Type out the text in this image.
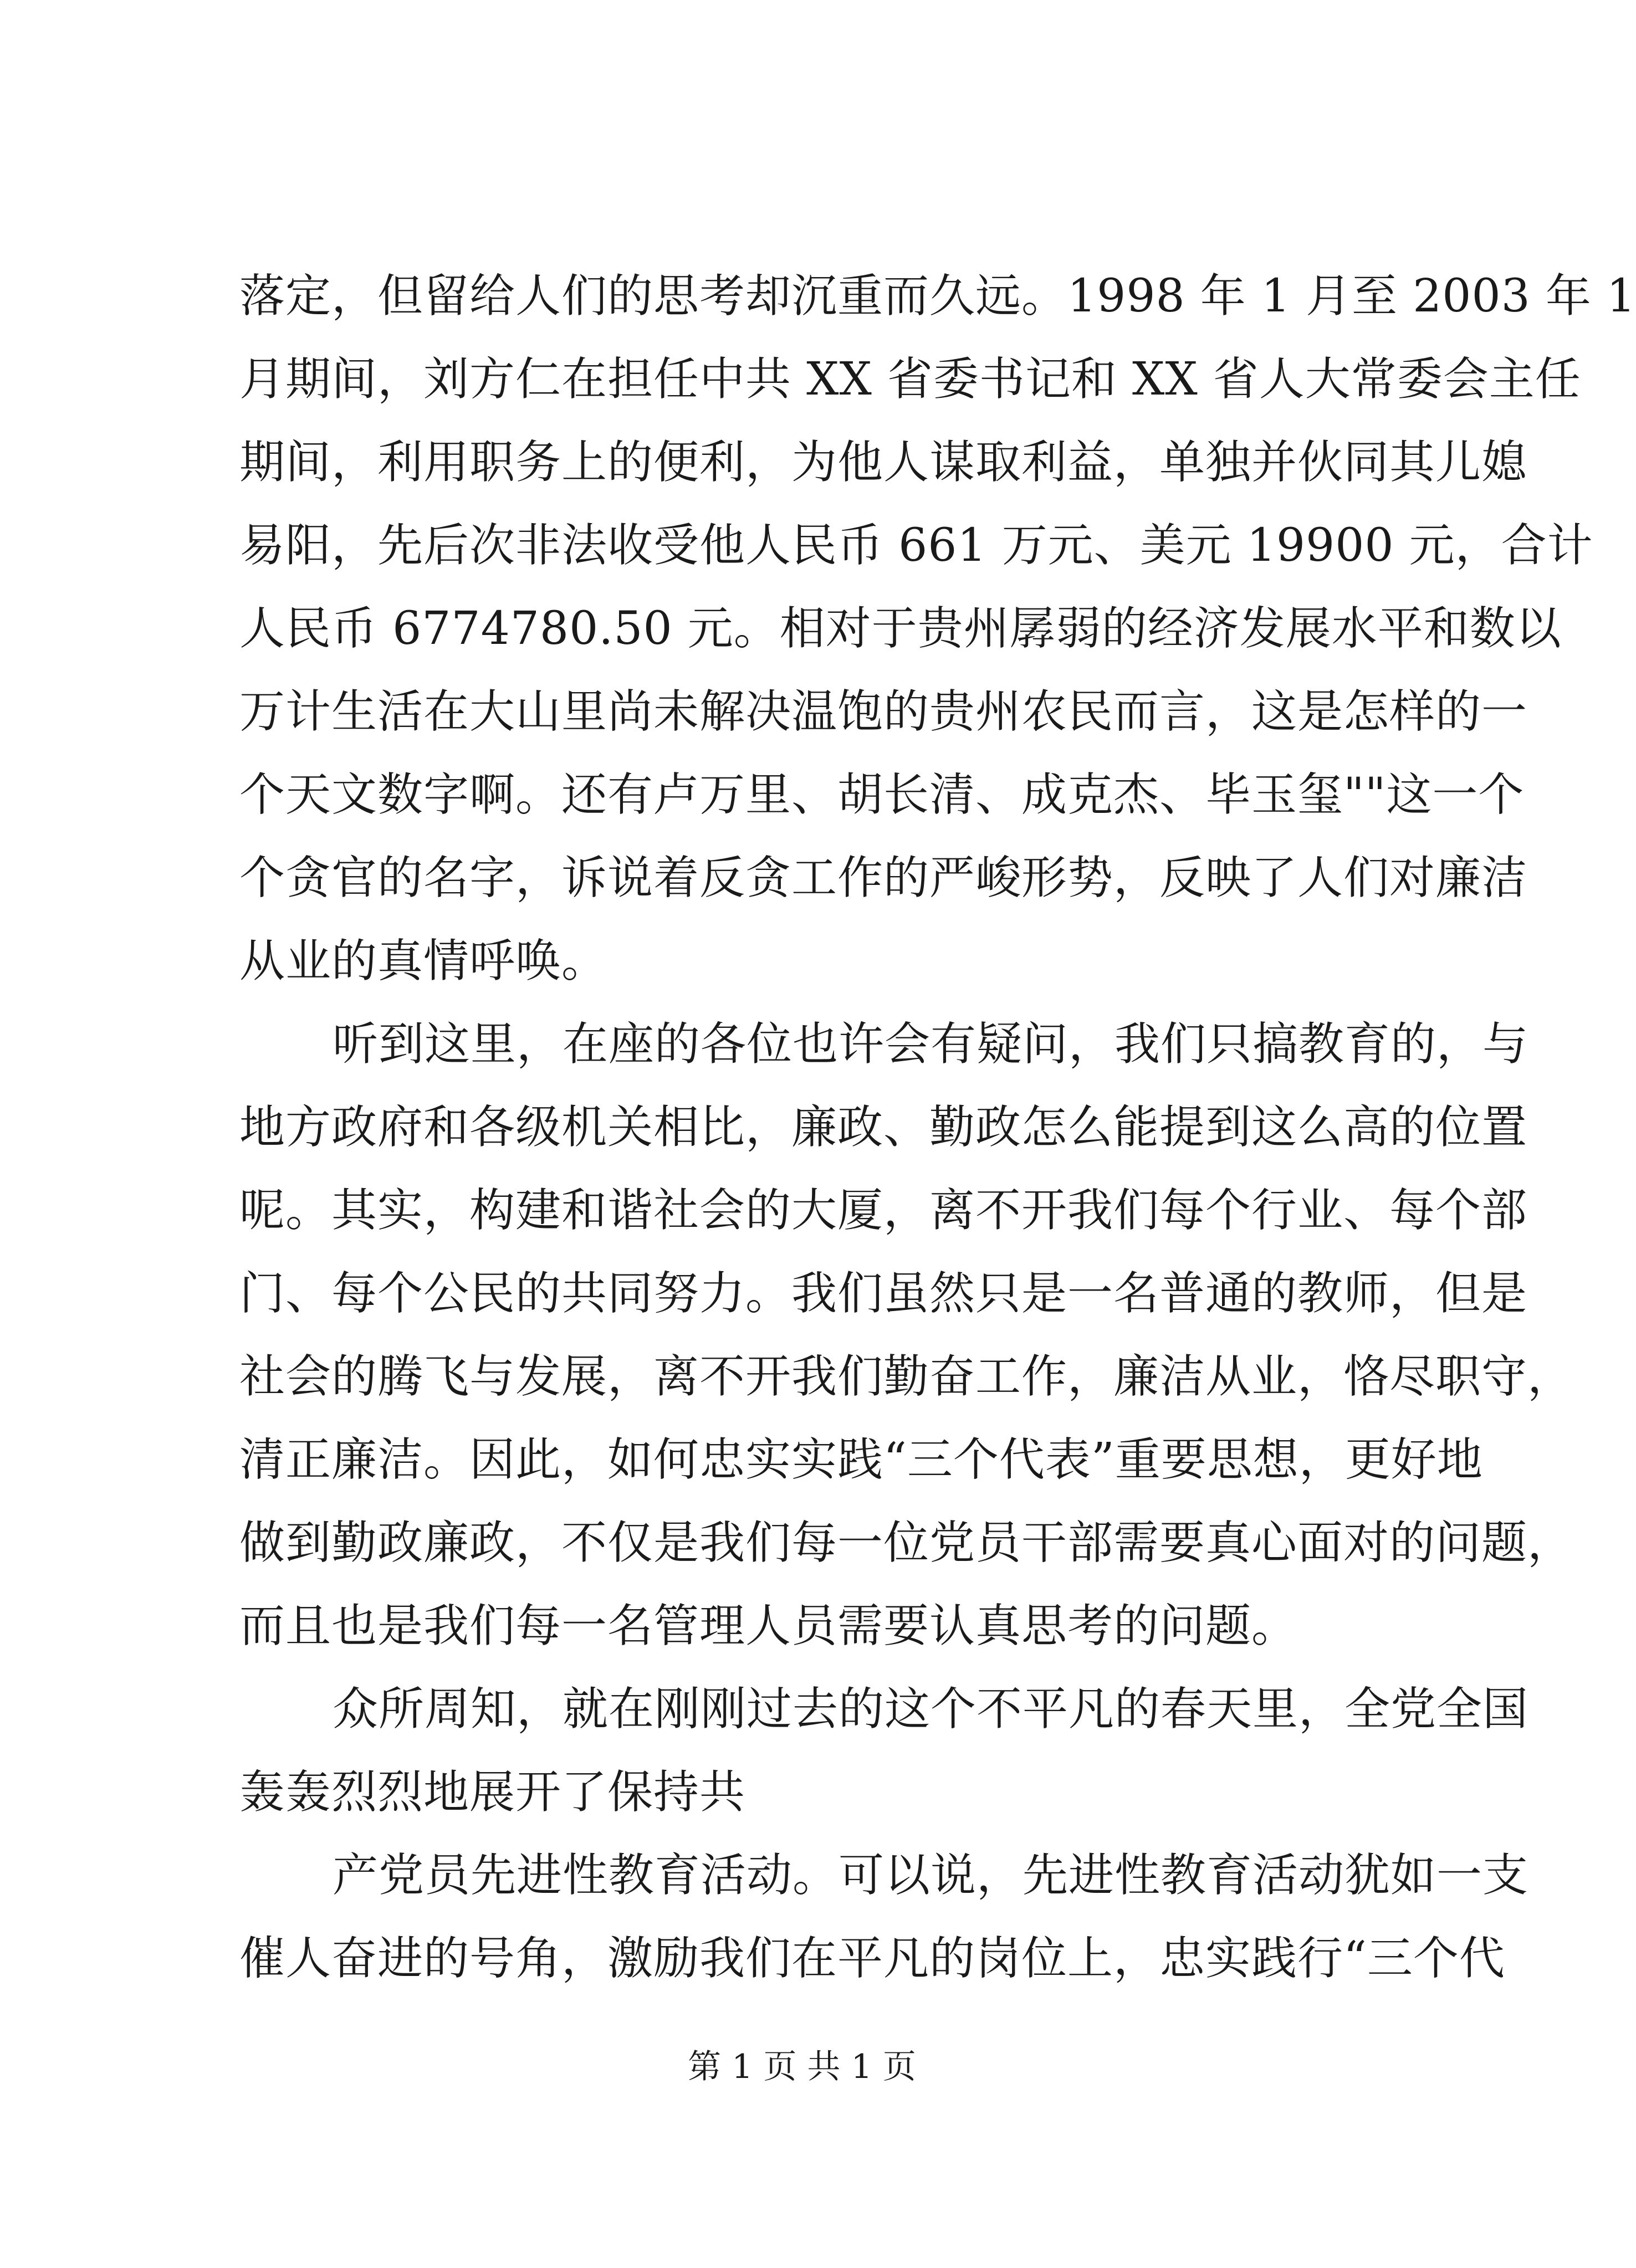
落定，但留给人们的思考却沉重而久远。1998 年 1 月至 2003 年 1
月期间，刘方仁在担任中共 XX 省委书记和 XX 省人大常委会主任
期间，利用职务上的便利，为他人谋取利益，单独并伙同其儿媳
易阳，先后次非法收受他人民币 661 万元、美元 19900 元，合计
人民币 6774780.50 元。相对于贵州孱弱的经济发展水平和数以
万计生活在大山里尚未解决温饱的贵州农民而言，这是怎样的一
个天文数字啊。还有卢万里、胡长清、成克杰、毕玉玺""这一个
个贪官的名字，诉说着反贪工作的严峻形势，反映了人们对廉洁
从业的真情呼唤。
听到这里，在座的各位也许会有疑问，我们只搞教育的，与
地方政府和各级机关相比，廉政、勤政怎么能提到这么高的位置
呢。其实，构建和谐社会的大厦，离不开我们每个行业、每个部
门、每个公民的共同努力。我们虽然只是一名普通的教师，但是
社会的腾飞与发展，离不开我们勤奋工作，廉洁从业，恪尽职守，
清正廉洁。因此，如何忠实实践“三个代表”重要思想，更好地
做到勤政廉政，不仅是我们每一位党员干部需要真心面对的问题，
而且也是我们每一名管理人员需要认真思考的问题。
众所周知，就在刚刚过去的这个不平凡的春天里，全党全国
轰轰烈烈地展开了保持共
产党员先进性教育活动。可以说，先进性教育活动犹如一支
催人奋进的号角，激励我们在平凡的岗位上，忠实践行“三个代
第 1 页 共 1 页
